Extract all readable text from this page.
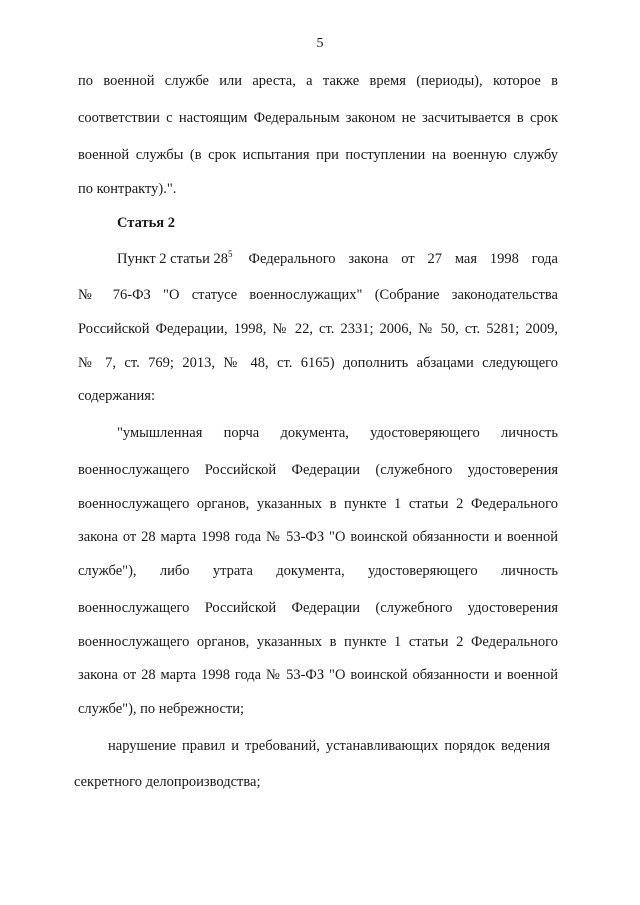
5
по военной службе или ареста, а также время (периоды), которое в
соответствии с настоящим Федеральным законом не засчитывается в срок
военной службы (в срок испытания при поступлении на военную службу
по контракту).".
Статья 2
Пункт 2 статьи $28^5$ Федерального закона от 27 мая 1998 года
№ 76-ФЗ "О статусе военнослужащих" (Собрание законодательства
Российской Федерации, 1998, № 22, ст. 2331; 2006, № 50, ст. 5281; 2009,
№ 7, ст. 769; 2013, № 48, ст. 6165) дополнить абзацами следующего
содержания:
"умышленная порча документа, удостоверяющего личность
военнослужащего Российской Федерации (служебного удостоверения
военнослужащего органов, указанных в пункте 1 статьи 2 Федерального
закона от 28 марта 1998 года № 53-ФЗ "О воинской обязанности и военной
службе"), либо утрата документа, удостоверяющего личность
военнослужащего Российской Федерации (служебного удостоверения
военнослужащего органов, указанных в пункте 1 статьи 2 Федерального
закона от 28 марта 1998 года № 53-ФЗ "О воинской обязанности и военной
службе"), по небрежности;
нарушение правил и требований, устанавливающих порядок ведения
секретного делопроизводства;
